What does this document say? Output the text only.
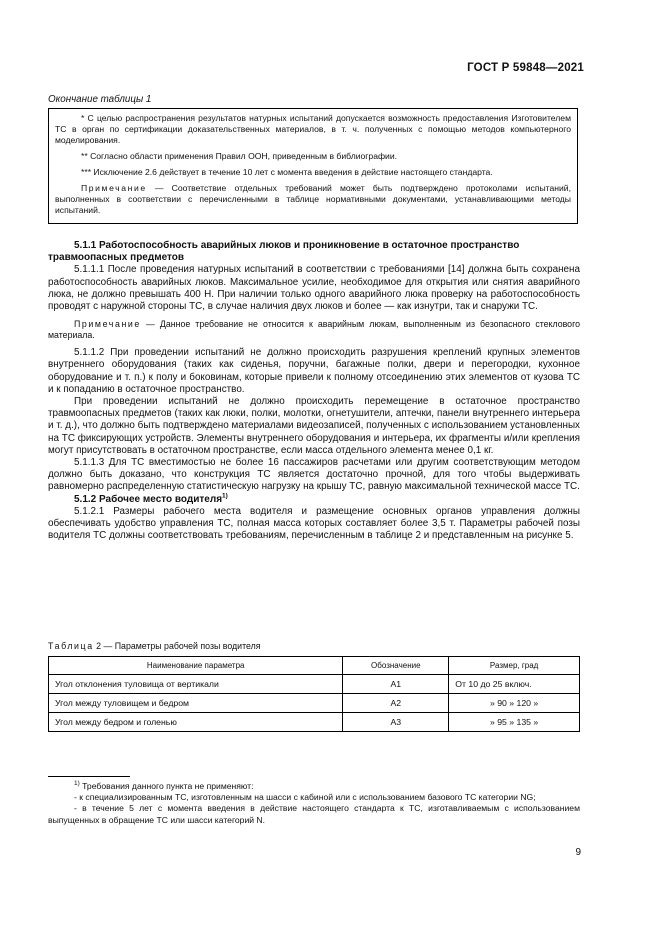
ГОСТ Р 59848—2021
Окончание таблицы 1

* С целью распространения результатов натурных испытаний допускается возможность предоставления Изготовителем ТС в орган по сертификации доказательственных материалов, в т. ч. полученных с помощью методов компьютерного моделирования.

** Согласно области применения Правил ООН, приведенным в библиографии.

*** Исключение 2.6 действует в течение 10 лет с момента введения в действие настоящего стандарта.

Примечание — Соответствие отдельных требований может быть подтверждено протоколами испытаний, выполненных в соответствии с перечисленными в таблице нормативными документами, устанавливающими методы испытаний.

5.1.1 Работоспособность аварийных люков и проникновение в остаточное пространство
травмоопасных предметов

5.1.1.1 После проведения натурных испытаний в соответствии с требованиями [14] должна быть сохранена работоспособность аварийных люков. Максимальное усилие, необходимое для открытия или снятия аварийного люка, не должно превышать 400 Н. При наличии только одного аварийного люка проверку на работоспособность проводят с наружной стороны ТС, в случае наличия двух люков и более — как изнутри, так и снаружи ТС.

Примечание — Данное требование не относится к аварийным люкам, выполненным из безопасного стеклового материала.

5.1.1.2 При проведении испытаний не должно происходить разрушения креплений крупных элементов внутреннего оборудования (таких как сиденья, поручни, багажные полки, двери и перегородки, кухонное оборудование и т. п.) к полу и боковинам, которые привели к полному отсоединению этих элементов от кузова ТС и к попаданию в остаточное пространство.

При проведении испытаний не должно происходить перемещение в остаточное пространство травмоопасных предметов (таких как люки, полки, молотки, огнетушители, аптечки, панели внутреннего интерьера и т. д.), что должно быть подтверждено материалами видеозаписей, полученных с использованием установленных на ТС фиксирующих устройств. Элементы внутреннего оборудования и интерьера, их фрагменты и/или крепления могут присутствовать в остаточном пространстве, если масса отдельного элемента менее 0,1 кг.

5.1.1.3 Для ТС вместимостью не более 16 пассажиров расчетами или другим соответствующим методом должно быть доказано, что конструкция ТС является достаточно прочной, для того чтобы выдерживать равномерно распределенную статистическую нагрузку на крышу ТС, равную максимальной технической массе ТС.

5.1.2 Рабочее место водителя$^{1)}$

5.1.2.1 Размеры рабочего места водителя и размещение основных органов управления должны обеспечивать удобство управления ТС, полная масса которых составляет более 3,5 т. Параметры рабочей позы водителя ТС должны соответствовать требованиям, перечисленным в таблице 2 и представленным на рисунке 5.

Таблица 2 — Параметры рабочей позы водителя
Наименование параметра	Обозначение	Размер, град
Угол отклонения туловища от вертикали	A1	От 10 до 25 включ.
Угол между туловищем и бедром	A2	» 90 » 120 »
Угол между бедром и голенью	A3	» 95 » 135 »

$^{1)}$ Требования данного пункта не применяют:

- к специализированным ТС, изготовленным на шасси с кабиной или с использованием базового ТС категории NG;

- в течение 5 лет с момента введения в действие настоящего стандарта к ТС, изготавливаемым с использованием выпущенных в обращение ТС или шасси категорий N.

9
